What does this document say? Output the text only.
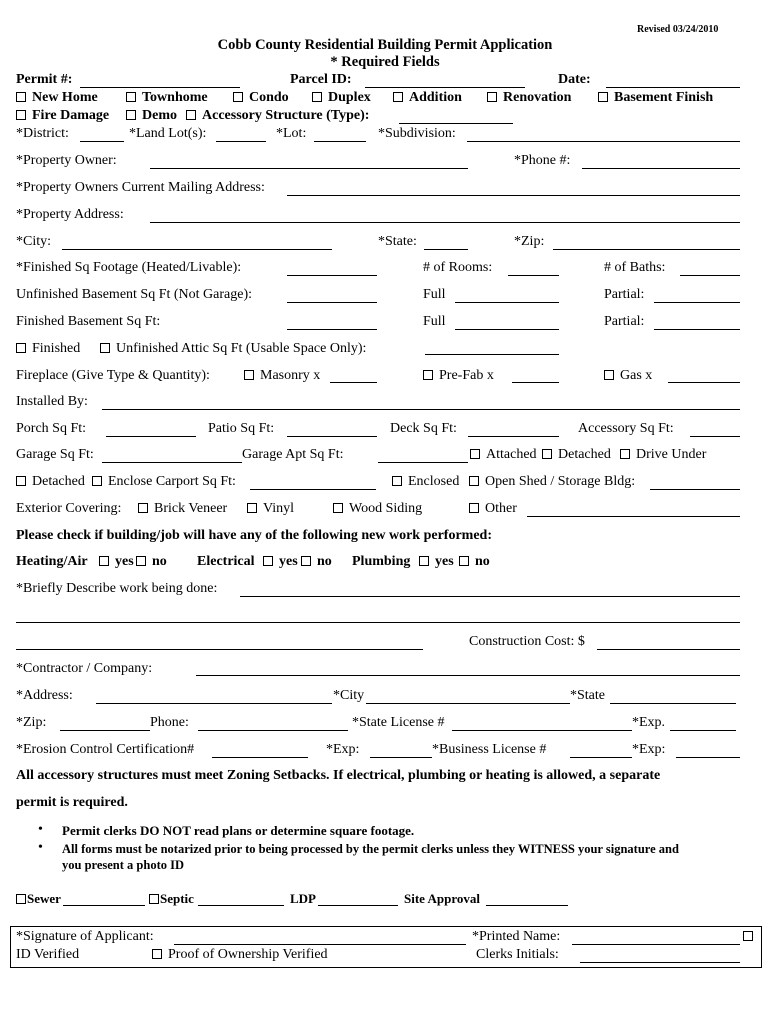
Revised 03/24/2010
Cobb County Residential Building Permit Application
* Required Fields
Permit #:	Parcel ID:	Date:
New Home	Townhome	Condo	Duplex	Addition	Renovation	Basement Finish
Fire Damage	Demo	Accessory Structure (Type):
*District:	*Land Lot(s):	*Lot:	*Subdivision:
*Property Owner:	*Phone #:
*Property Owners Current Mailing Address:
*Property Address:
*City:	*State:	*Zip:
*Finished Sq Footage (Heated/Livable):	# of Rooms:	# of Baths:
Unfinished Basement Sq Ft (Not Garage):	Full	Partial:
Finished Basement Sq Ft:	Full	Partial:
Finished	Unfinished Attic Sq Ft (Usable Space Only):
Fireplace (Give Type & Quantity):	Masonry x	Pre-Fab x	Gas x
Installed By:
Porch Sq Ft:	Patio Sq Ft:	Deck Sq Ft:	Accessory Sq Ft:
Garage Sq Ft:	Garage Apt Sq Ft:	Attached	Detached	Drive Under
Detached	Enclose Carport Sq Ft:	Enclosed	Open Shed / Storage Bldg:
Exterior Covering:	Brick Veneer	Vinyl	Wood Siding	Other
Please check if building/job will have any of the following new work performed:
Heating/Air	yes	no Electrical	yes	no Plumbing	yes	no
*Briefly Describe work being done:
Construction Cost: $
*Contractor / Company:
*Address:	*City	*State
*Zip:	Phone:	*State License #	*Exp.
*Erosion Control Certification#	*Exp:	*Business License #	*Exp:
All accessory structures must meet Zoning Setbacks. If electrical, plumbing or heating is allowed, a separate
permit is required.
• Permit clerks DO NOT read plans or determine square footage.
• All forms must be notarized prior to being processed by the permit clerks unless they WITNESS your signature and
you present a photo ID
Sewer	Septic	LDP	Site Approval
*Signature of Applicant:	*Printed Name:
ID Verified	Proof of Ownership Verified	Clerks Initials:
